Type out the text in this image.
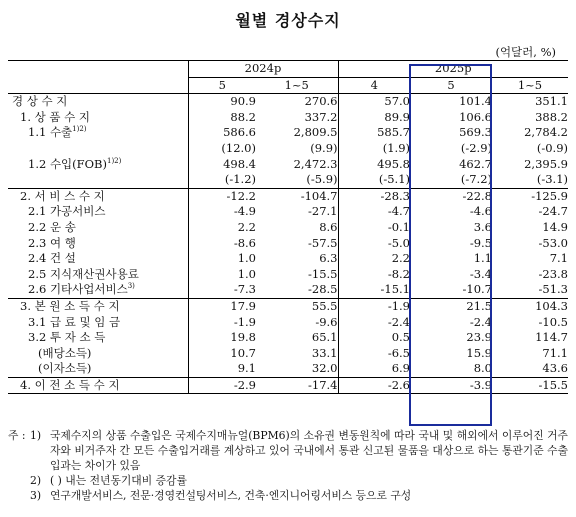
월별 경상수지
(억달러, %)
	2024p		2025p		
	5	1~5	4	5	1~5
경 상 수 지	90.9	270.6	57.0	101.4	351.1
1. 상 품 수 지	88.2	337.2	89.9	106.6	388.2
1.1 수출$^{1)2)}$	586.6	2,809.5	585.7	569.3	2,784.2
	(12.0)	(9.9)	(1.9)	(-2.9)	(-0.9)
1.2 수입(FOB)$^{1)2)}$	498.4	2,472.3	495.8	462.7	2,395.9
	(-1.2)	(-5.9)	(-5.1)	(-7.2)	(-3.1)
2. 서 비 스 수 지	-12.2	-104.7	-28.3	-22.8	-125.9
2.1 가공서비스	-4.9	-27.1	-4.7	-4.6	-24.7
2.2 운 송	2.2	8.6	-0.1	3.6	14.9
2.3 여 행	-8.6	-57.5	-5.0	-9.5	-53.0
2.4 건 설	1.0	6.3	2.2	1.1	7.1
2.5 지식재산권사용료	1.0	-15.5	-8.2	-3.4	-23.8
2.6 기타사업서비스$^{3)}$	-7.3	-28.5	-15.1	-10.7	-51.3
3. 본 원 소 득 수 지	17.9	55.5	-1.9	21.5	104.3
3.1 급 료 및 임 금	-1.9	-9.6	-2.4	-2.4	-10.5
3.2 투 자 소 득	19.8	65.1	0.5	23.9	114.7
(배당소득)	10.7	33.1	-6.5	15.9	71.1
(이자소득)	9.1	32.0	6.9	8.0	43.6
4. 이 전 소 득 수 지	-2.9	-17.4	-2.6	-3.9	-15.5
주 : 1) 국제수지의 상품 수출입은 국제수지매뉴얼(BPM6)의 소유권 변동원칙에 따라 국내 및 해외에서 이루어진 거주자와 비거주자 간 모든 수출입거래를 계상하고 있어 국내에서 통관 신고된 물품을 대상으로 하는 통관기준 수출입과는 차이가 있음
2) ( ) 내는 전년동기대비 증감률
3) 연구개발서비스, 전문·경영컨설팅서비스, 건축·엔지니어링서비스 등으로 구성
